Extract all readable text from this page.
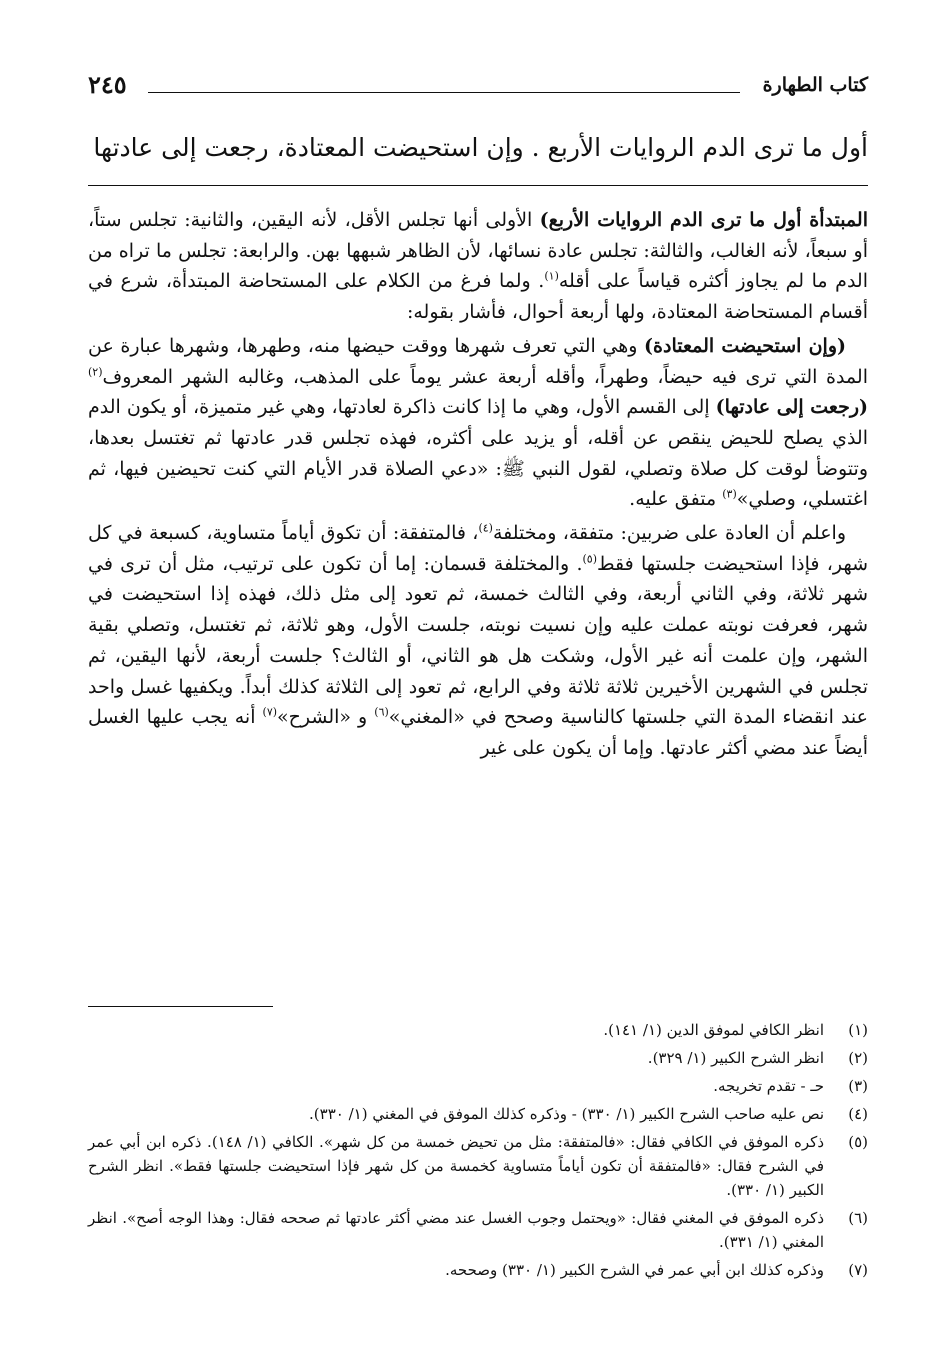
كتاب الطهارة
٢٤٥
أول ما ترى الدم الروايات الأربع . وإن استحيضت المعتادة، رجعت إلى عادتها

المبتدأة أول ما ترى الدم الروايات الأربع) الأولى أنها تجلس الأقل، لأنه اليقين، والثانية: تجلس ستاً، أو سبعاً، لأنه الغالب، والثالثة: تجلس عادة نسائها، لأن الظاهر شبهها بهن. والرابعة: تجلس ما تراه من الدم ما لم يجاوز أكثره قياساً على أقله$^{(١)}$. ولما فرغ من الكلام على المستحاضة المبتدأة، شرع في أقسام المستحاضة المعتادة، ولها أربعة أحوال، فأشار بقوله:

(وإن استحيضت المعتادة) وهي التي تعرف شهرها ووقت حيضها منه، وطهرها، وشهرها عبارة عن المدة التي ترى فيه حيضاً، وطهراً، وأقله أربعة عشر يوماً على المذهب، وغالبه الشهر المعروف$^{(٢)}$ (رجعت إلى عادتها) إلى القسم الأول، وهي ما إذا كانت ذاكرة لعادتها، وهي غير متميزة، أو يكون الدم الذي يصلح للحيض ينقص عن أقله، أو يزيد على أكثره، فهذه تجلس قدر عادتها ثم تغتسل بعدها، وتتوضأ لوقت كل صلاة وتصلي، لقول النبي ﷺ: «دعي الصلاة قدر الأيام التي كنت تحيضين فيها، ثم اغتسلي، وصلي»$^{(٣)}$ متفق عليه.

واعلم أن العادة على ضربين: متفقة، ومختلفة$^{(٤)}$، فالمتفقة: أن تكوق أياماً متساوية، كسبعة في كل شهر، فإذا استحيضت جلستها فقط$^{(٥)}$. والمختلفة قسمان: إما أن تكون على ترتيب، مثل أن ترى في شهر ثلاثة، وفي الثاني أربعة، وفي الثالث خمسة، ثم تعود إلى مثل ذلك، فهذه إذا استحيضت في شهر، فعرفت نوبته عملت عليه وإن نسيت نوبته، جلست الأول، وهو ثلاثة، ثم تغتسل، وتصلي بقية الشهر، وإن علمت أنه غير الأول، وشكت هل هو الثاني، أو الثالث؟ جلست أربعة، لأنها اليقين، ثم تجلس في الشهرين الأخيرين ثلاثة ثلاثة وفي الرابع، ثم تعود إلى الثلاثة كذلك أبداً. ويكفيها غسل واحد عند انقضاء المدة التي جلستها كالناسية وصحح في «المغني»$^{(٦)}$ و «الشرح»$^{(٧)}$ أنه يجب عليها الغسل أيضاً عند مضي أكثر عادتها. وإما أن يكون على غير

(١)
انظر الكافي لموفق الدين (١/ ١٤١).
(٢)
انظر الشرح الكبير (١/ ٣٢٩).
(٣)
حـ - تقدم تخريجه.
(٤)
نص عليه صاحب الشرح الكبير (١/ ٣٣٠) - وذكره كذلك الموفق في المغني (١/ ٣٣٠).
(٥)
ذكره الموفق في الكافي فقال: «فالمتفقة: مثل من تحيض خمسة من كل شهر». الكافي (١/ ١٤٨). ذكره ابن أبي عمر في الشرح فقال: «فالمتفقة أن تكون أياماً متساوية كخمسة من كل شهر فإذا استحيضت جلستها فقط». انظر الشرح الكبير (١/ ٣٣٠).
(٦)
ذكره الموفق في المغني فقال: «ويحتمل وجوب الغسل عند مضي أكثر عادتها ثم صححه فقال: وهذا الوجه أصح». انظر المغني (١/ ٣٣١).
(٧)
وذكره كذلك ابن أبي عمر في الشرح الكبير (١/ ٣٣٠) وصححه.
